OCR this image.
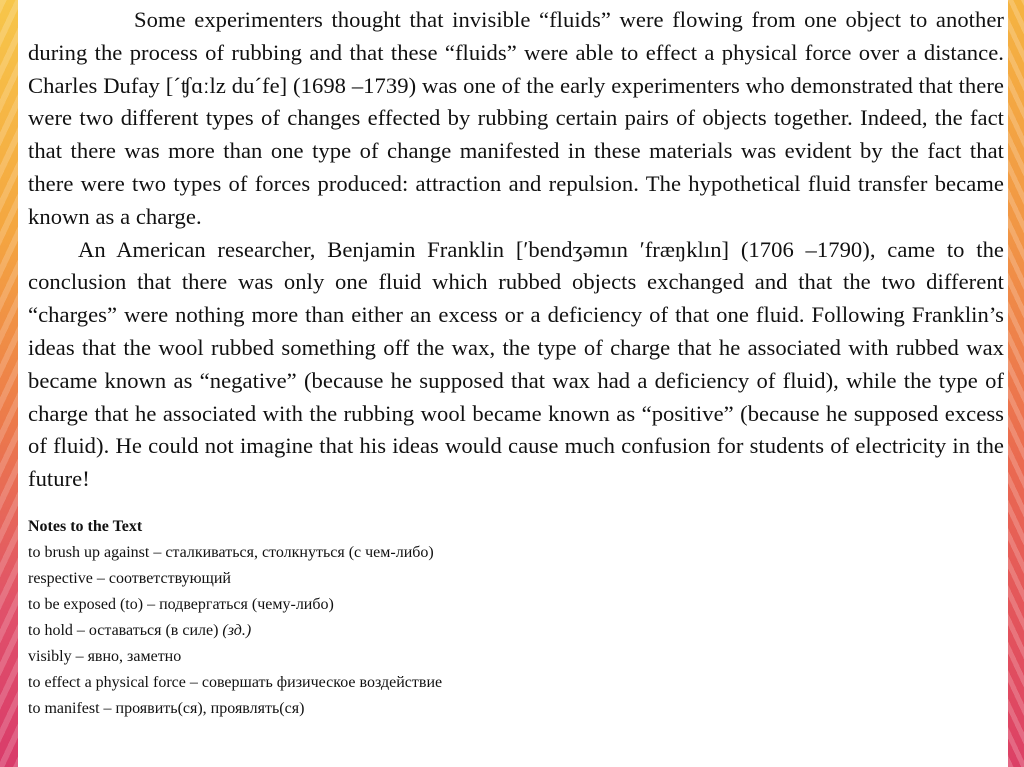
Some experimenters thought that invisible “fluids” were flowing from one object to another during the process of rubbing and that these “fluids” were able to effect a physical force over a distance. Charles Dufay [´ʧɑːlz du´fe] (1698 –1739) was one of the early experimenters who demonstrated that there were two different types of changes effected by rubbing certain pairs of objects together. Indeed, the fact that there was more than one type of change manifested in these materials was evident by the fact that there were two types of forces produced: attraction and repulsion. The hypothetical fluid transfer became known as a charge.

An American researcher, Benjamin Franklin [ʹbendʒəmın ʹfræŋklın] (1706 –1790), came to the conclusion that there was only one fluid which rubbed objects exchanged and that the two different “charges” were nothing more than either an excess or a deficiency of that one fluid. Following Franklin’s ideas that the wool rubbed something off the wax, the type of charge that he associated with rubbed wax became known as “negative” (because he supposed that wax had a deficiency of fluid), while the type of charge that he associated with the rubbing wool became known as “positive” (because he supposed excess of fluid). He could not imagine that his ideas would cause much confusion for students of electricity in the future!

Notes to the Text

to brush up against – сталкиваться, столкнуться (с чем-либо)

respective – соответствующий

to be exposed (to) – подвергаться (чему-либо)

to hold – оставаться (в силе) (зд.)

visibly – явно, заметно

to effect a physical force – совершать физическое воздействие

to manifest – проявить(ся), проявлять(ся)
